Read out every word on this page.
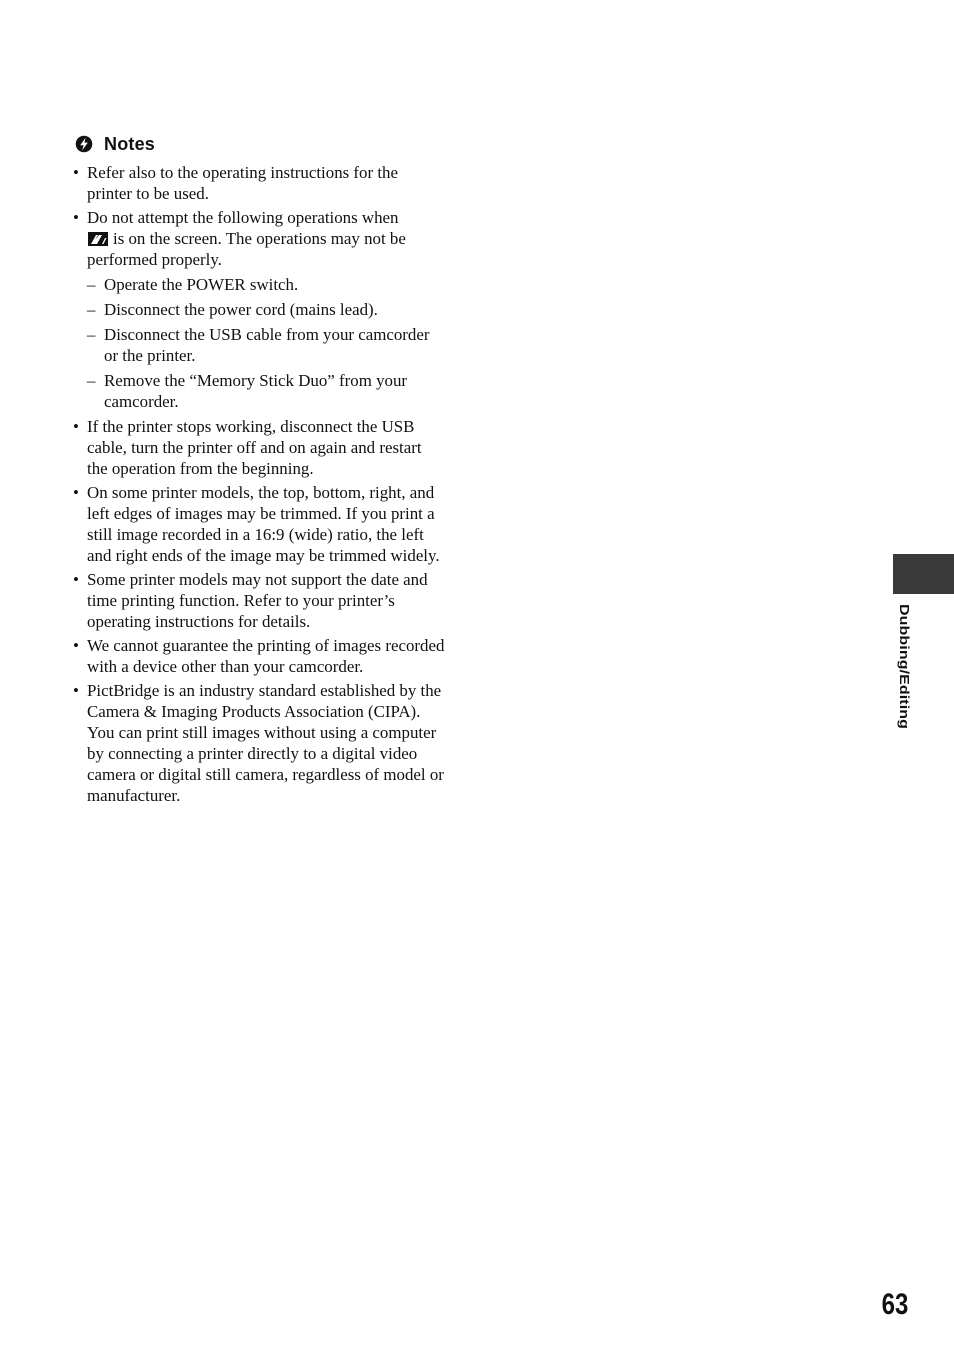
Notes
• Refer also to the operating instructions for the printer to be used.
• Do not attempt the following operations when
is on the screen. The operations may not be performed properly.
– Operate the POWER switch.
– Disconnect the power cord (mains lead).
– Disconnect the USB cable from your camcorder or the printer.
– Remove the “Memory Stick Duo” from your camcorder.
• If the printer stops working, disconnect the USB cable, turn the printer off and on again and restart the operation from the beginning.
• On some printer models, the top, bottom, right, and left edges of images may be trimmed. If you print a still image recorded in a 16:9 (wide) ratio, the left and right ends of the image may be trimmed widely.
• Some printer models may not support the date and time printing function. Refer to your printer’s operating instructions for details.
• We cannot guarantee the printing of images recorded with a device other than your camcorder.
• PictBridge is an industry standard established by the Camera & Imaging Products Association (CIPA). You can print still images without using a computer by connecting a printer directly to a digital video camera or digital still camera, regardless of model or manufacturer.
Dubbing/Editing
63
